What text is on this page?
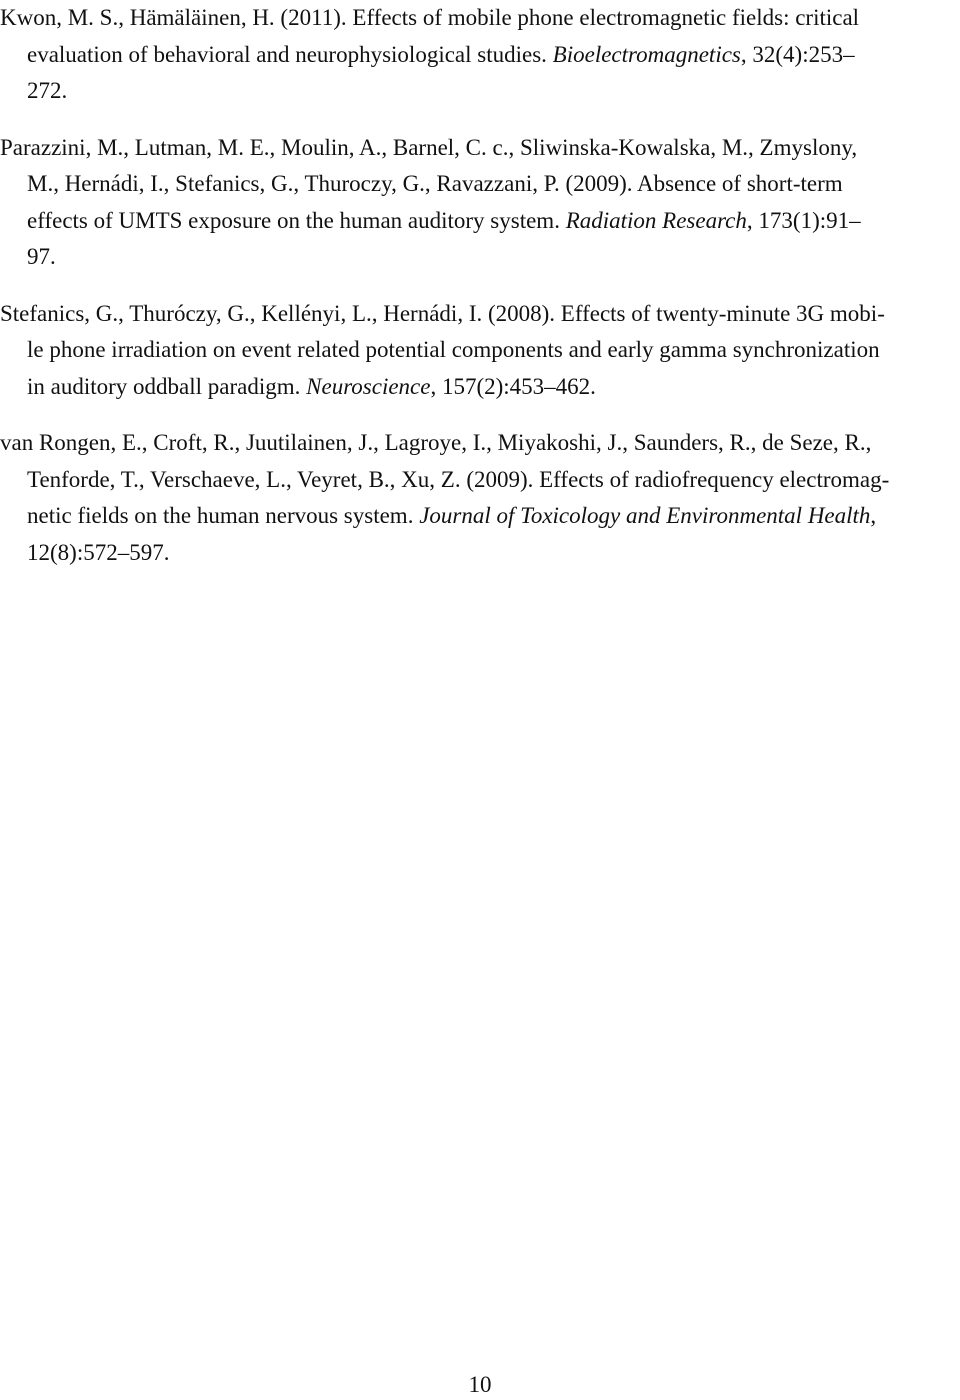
Kwon, M. S., Hämäläinen, H. (2011). Effects of mobile phone electromagnetic fields: critical
evaluation of behavioral and neurophysiological studies. Bioelectromagnetics, 32(4):253–
272.
Parazzini, M., Lutman, M. E., Moulin, A., Barnel, C. c., Sliwinska-Kowalska, M., Zmyslony,
M., Hernádi, I., Stefanics, G., Thuroczy, G., Ravazzani, P. (2009). Absence of short-term
effects of UMTS exposure on the human auditory system. Radiation Research, 173(1):91–
97.
Stefanics, G., Thuróczy, G., Kellényi, L., Hernádi, I. (2008). Effects of twenty-minute 3G mobi-
le phone irradiation on event related potential components and early gamma synchronization
in auditory oddball paradigm. Neuroscience, 157(2):453–462.
van Rongen, E., Croft, R., Juutilainen, J., Lagroye, I., Miyakoshi, J., Saunders, R., de Seze, R.,
Tenforde, T., Verschaeve, L., Veyret, B., Xu, Z. (2009). Effects of radiofrequency electromag-
netic fields on the human nervous system. Journal of Toxicology and Environmental Health,
12(8):572–597.
10
